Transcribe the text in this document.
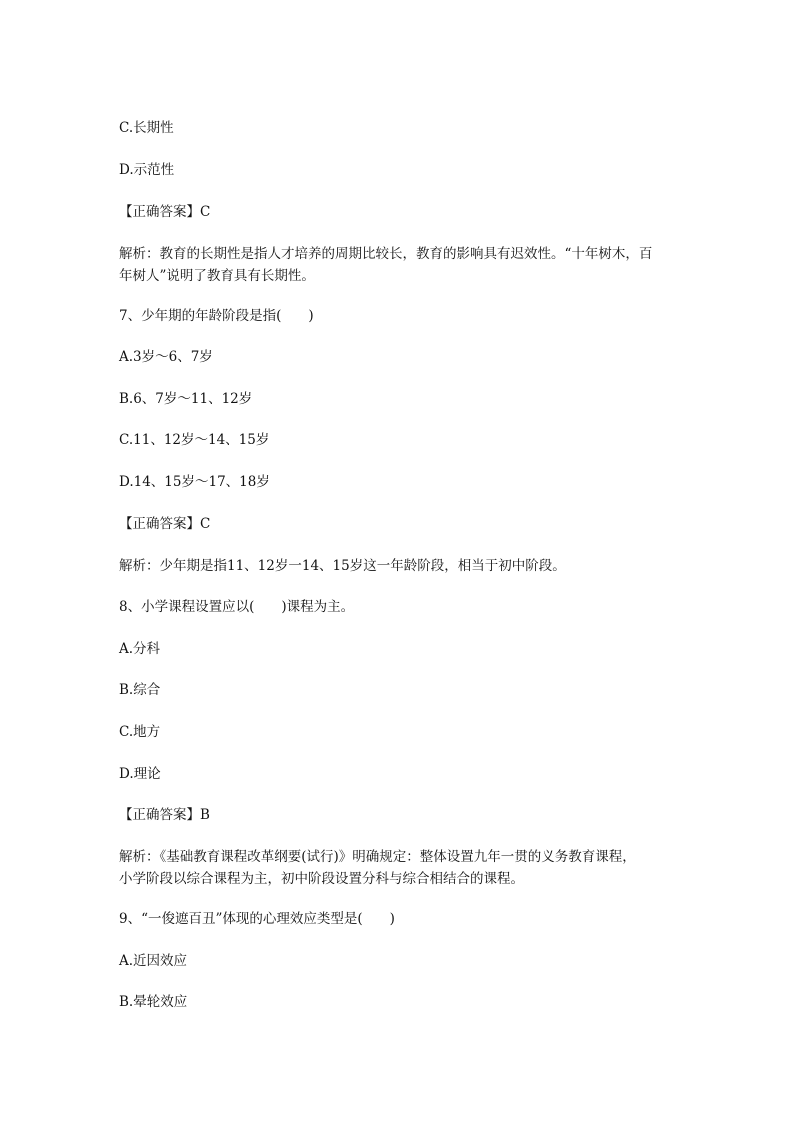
C.长期性
D.示范性
【正确答案】C
解析：教育的长期性是指人才培养的周期比较长，教育的影响具有迟效性。“十年树木，百
年树人”说明了教育具有长期性。
7、少年期的年龄阶段是指(　　)
A.3岁～6、7岁
B.6、7岁～11、12岁
C.11、12岁～14、15岁
D.14、15岁～17、18岁
【正确答案】C
解析：少年期是指11、12岁一14、15岁这一年龄阶段，相当于初中阶段。
8、小学课程设置应以(　　)课程为主。
A.分科
B.综合
C.地方
D.理论
【正确答案】B
解析：《基础教育课程改革纲要(试行)》明确规定：整体设置九年一贯的义务教育课程，
小学阶段以综合课程为主，初中阶段设置分科与综合相结合的课程。
9、“一俊遮百丑”体现的心理效应类型是(　　)
A.近因效应
B.晕轮效应
